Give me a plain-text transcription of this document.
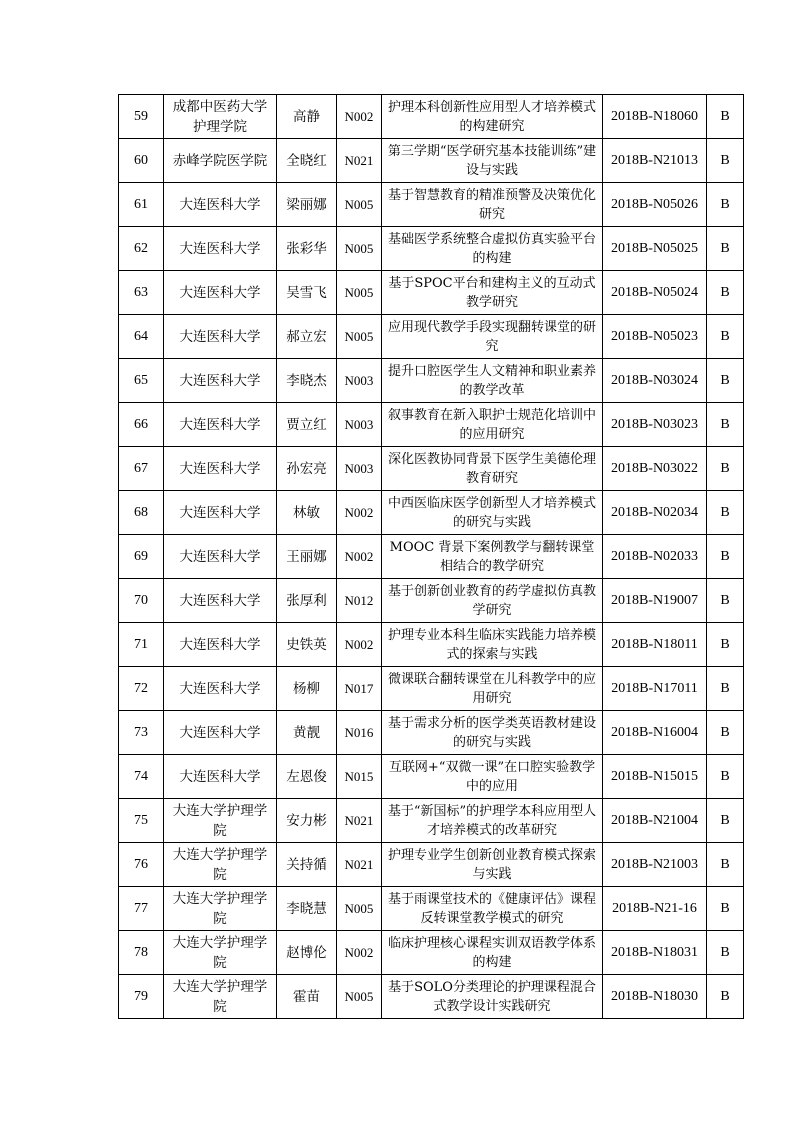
59	成都中医药大学护理学院	高静	N002	护理本科创新性应用型人才培养模式的构建研究	2018B-N18060	B
60	赤峰学院医学院	全晓红	N021	第三学期“医学研究基本技能训练”建设与实践	2018B-N21013	B
61	大连医科大学	梁丽娜	N005	基于智慧教育的精准预警及决策优化研究	2018B-N05026	B
62	大连医科大学	张彩华	N005	基础医学系统整合虚拟仿真实验平台的构建	2018B-N05025	B
63	大连医科大学	吴雪飞	N005	基于SPOC平台和建构主义的互动式教学研究	2018B-N05024	B
64	大连医科大学	郝立宏	N005	应用现代教学手段实现翻转课堂的研究	2018B-N05023	B
65	大连医科大学	李晓杰	N003	提升口腔医学生人文精神和职业素养的教学改革	2018B-N03024	B
66	大连医科大学	贾立红	N003	叙事教育在新入职护士规范化培训中的应用研究	2018B-N03023	B
67	大连医科大学	孙宏亮	N003	深化医教协同背景下医学生美德伦理教育研究	2018B-N03022	B
68	大连医科大学	林敏	N002	中西医临床医学创新型人才培养模式的研究与实践	2018B-N02034	B
69	大连医科大学	王丽娜	N002	MOOC 背景下案例教学与翻转课堂相结合的教学研究	2018B-N02033	B
70	大连医科大学	张厚利	N012	基于创新创业教育的药学虚拟仿真教学研究	2018B-N19007	B
71	大连医科大学	史铁英	N002	护理专业本科生临床实践能力培养模式的探索与实践	2018B-N18011	B
72	大连医科大学	杨柳	N017	微课联合翻转课堂在儿科教学中的应用研究	2018B-N17011	B
73	大连医科大学	黄靓	N016	基于需求分析的医学类英语教材建设的研究与实践	2018B-N16004	B
74	大连医科大学	左恩俊	N015	互联网+“双微一课”在口腔实验教学中的应用	2018B-N15015	B
75	大连大学护理学院	安力彬	N021	基于“新国标”的护理学本科应用型人才培养模式的改革研究	2018B-N21004	B
76	大连大学护理学院	关持循	N021	护理专业学生创新创业教育模式探索与实践	2018B-N21003	B
77	大连大学护理学院	李晓慧	N005	基于雨课堂技术的《健康评估》课程反转课堂教学模式的研究	2018B-N21-16	B
78	大连大学护理学院	赵博伦	N002	临床护理核心课程实训双语教学体系的构建	2018B-N18031	B
79	大连大学护理学院	霍苗	N005	基于SOLO分类理论的护理课程混合式教学设计实践研究	2018B-N18030	B
